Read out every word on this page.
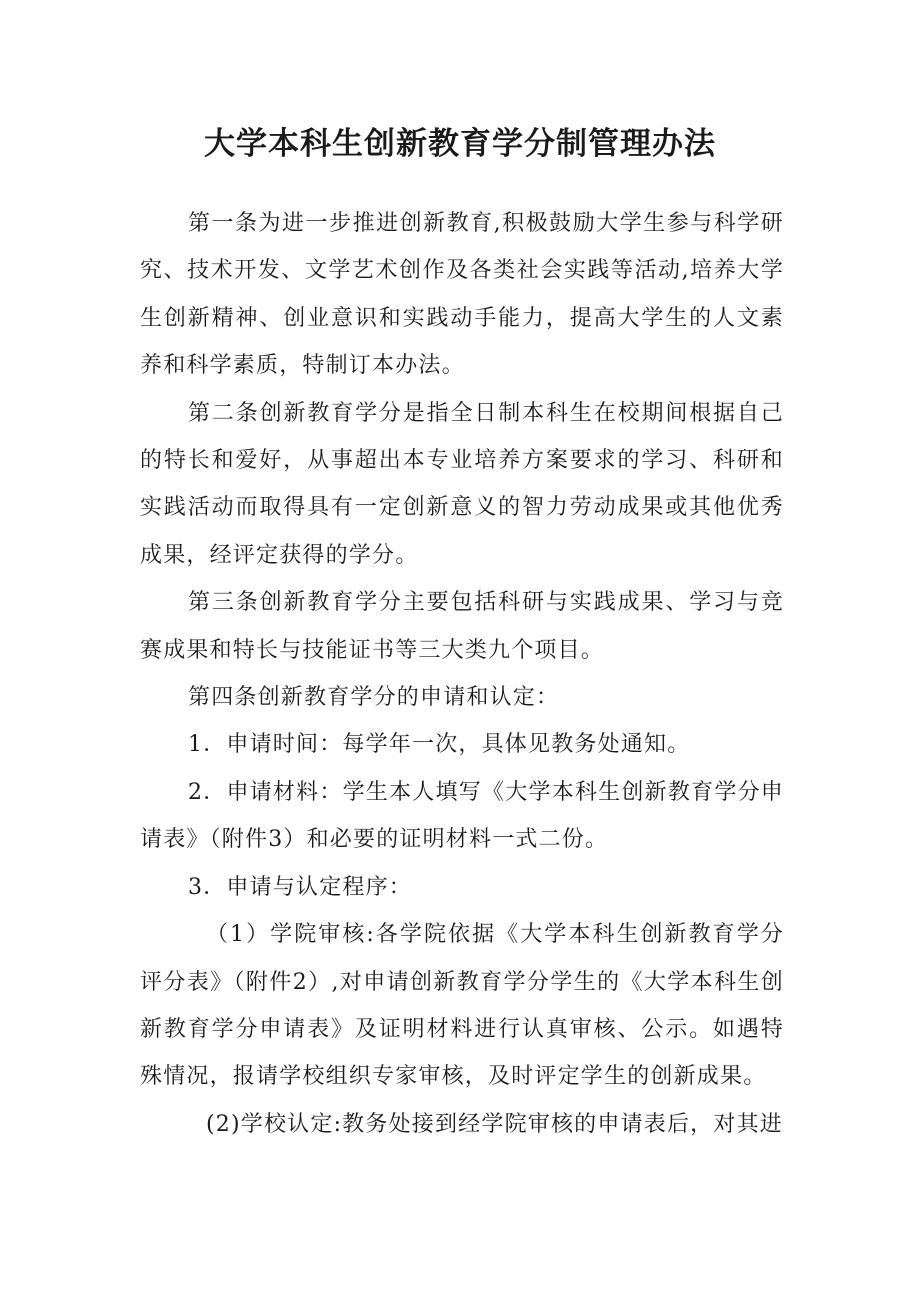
大学本科生创新教育学分制管理办法

第一条为进一步推进创新教育,积极鼓励大学生参与科学研究、技术开发、文学艺术创作及各类社会实践等活动,培养大学生创新精神、创业意识和实践动手能力，提高大学生的人文素养和科学素质，特制订本办法。

第二条创新教育学分是指全日制本科生在校期间根据自己的特长和爱好，从事超出本专业培养方案要求的学习、科研和实践活动而取得具有一定创新意义的智力劳动成果或其他优秀成果，经评定获得的学分。

第三条创新教育学分主要包括科研与实践成果、学习与竞赛成果和特长与技能证书等三大类九个项目。

第四条创新教育学分的申请和认定：

1．申请时间：每学年一次，具体见教务处通知。

2．申请材料：学生本人填写《大学本科生创新教育学分申请表》（附件3）和必要的证明材料一式二份。

3．申请与认定程序：

（1）学院审核:各学院依据《大学本科生创新教育学分评分表》（附件2）,对申请创新教育学分学生的《大学本科生创新教育学分申请表》及证明材料进行认真审核、公示。如遇特殊情况，报请学校组织专家审核，及时评定学生的创新成果。

(2)学校认定:教务处接到经学院审核的申请表后，对其进
